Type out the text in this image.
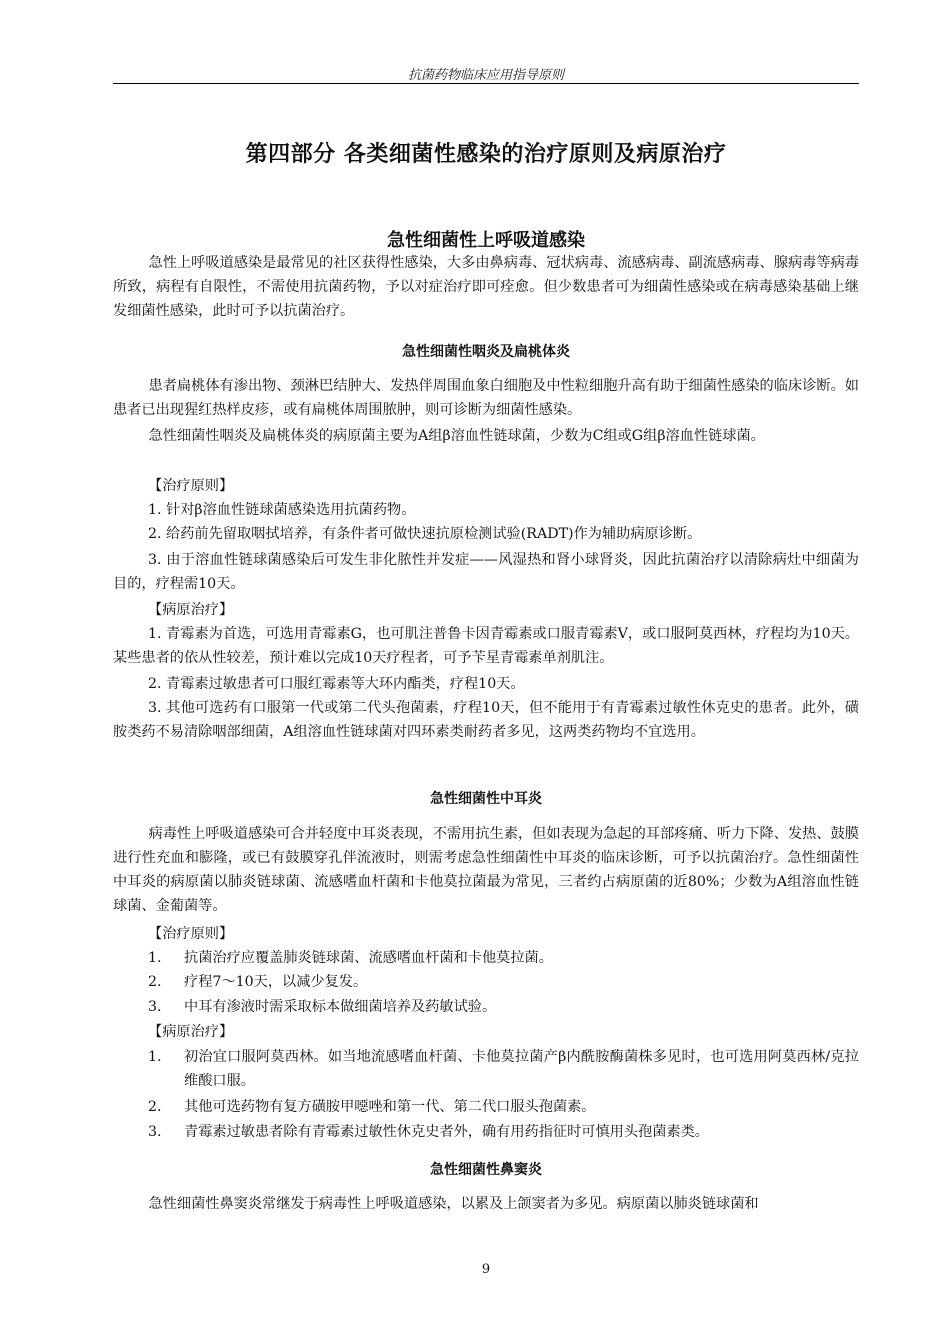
抗菌药物临床应用指导原则
第四部分 各类细菌性感染的治疗原则及病原治疗
急性细菌性上呼吸道感染

急性上呼吸道感染是最常见的社区获得性感染，大多由鼻病毒、冠状病毒、流感病毒、副流感病毒、腺病毒等病毒所致，病程有自限性，不需使用抗菌药物，予以对症治疗即可痊愈。但少数患者可为细菌性感染或在病毒感染基础上继发细菌性感染，此时可予以抗菌治疗。

急性细菌性咽炎及扁桃体炎

患者扁桃体有渗出物、颈淋巴结肿大、发热伴周围血象白细胞及中性粒细胞升高有助于细菌性感染的临床诊断。如患者已出现猩红热样皮疹，或有扁桃体周围脓肿，则可诊断为细菌性感染。

急性细菌性咽炎及扁桃体炎的病原菌主要为A组β溶血性链球菌，少数为C组或G组β溶血性链球菌。

【治疗原则】

1. 针对β溶血性链球菌感染选用抗菌药物。

2. 给药前先留取咽拭培养，有条件者可做快速抗原检测试验(RADT)作为辅助病原诊断。

3. 由于溶血性链球菌感染后可发生非化脓性并发症——风湿热和肾小球肾炎，因此抗菌治疗以清除病灶中细菌为目的，疗程需10天。

【病原治疗】

1. 青霉素为首选，可选用青霉素G，也可肌注普鲁卡因青霉素或口服青霉素V，或口服阿莫西林，疗程均为10天。某些患者的依从性较差，预计难以完成10天疗程者，可予苄星青霉素单剂肌注。

2. 青霉素过敏患者可口服红霉素等大环内酯类，疗程10天。

3. 其他可选药有口服第一代或第二代头孢菌素，疗程10天，但不能用于有青霉素过敏性休克史的患者。此外，磺胺类药不易清除咽部细菌，A组溶血性链球菌对四环素类耐药者多见，这两类药物均不宜选用。

急性细菌性中耳炎

病毒性上呼吸道感染可合并轻度中耳炎表现，不需用抗生素，但如表现为急起的耳部疼痛、听力下降、发热、鼓膜进行性充血和膨隆，或已有鼓膜穿孔伴流液时，则需考虑急性细菌性中耳炎的临床诊断，可予以抗菌治疗。急性细菌性中耳炎的病原菌以肺炎链球菌、流感嗜血杆菌和卡他莫拉菌最为常见，三者约占病原菌的近80%；少数为A组溶血性链球菌、金葡菌等。

【治疗原则】
1. 抗菌治疗应覆盖肺炎链球菌、流感嗜血杆菌和卡他莫拉菌。
2. 疗程7～10天，以减少复发。
3. 中耳有渗液时需采取标本做细菌培养及药敏试验。
【病原治疗】
1. 初治宜口服阿莫西林。如当地流感嗜血杆菌、卡他莫拉菌产β内酰胺酶菌株多见时，也可选用阿莫西林/克拉维酸口服。
2. 其他可选药物有复方磺胺甲噁唑和第一代、第二代口服头孢菌素。
3. 青霉素过敏患者除有青霉素过敏性休克史者外，确有用药指征时可慎用头孢菌素类。
急性细菌性鼻窦炎

急性细菌性鼻窦炎常继发于病毒性上呼吸道感染，以累及上颌窦者为多见。病原菌以肺炎链球菌和

9
